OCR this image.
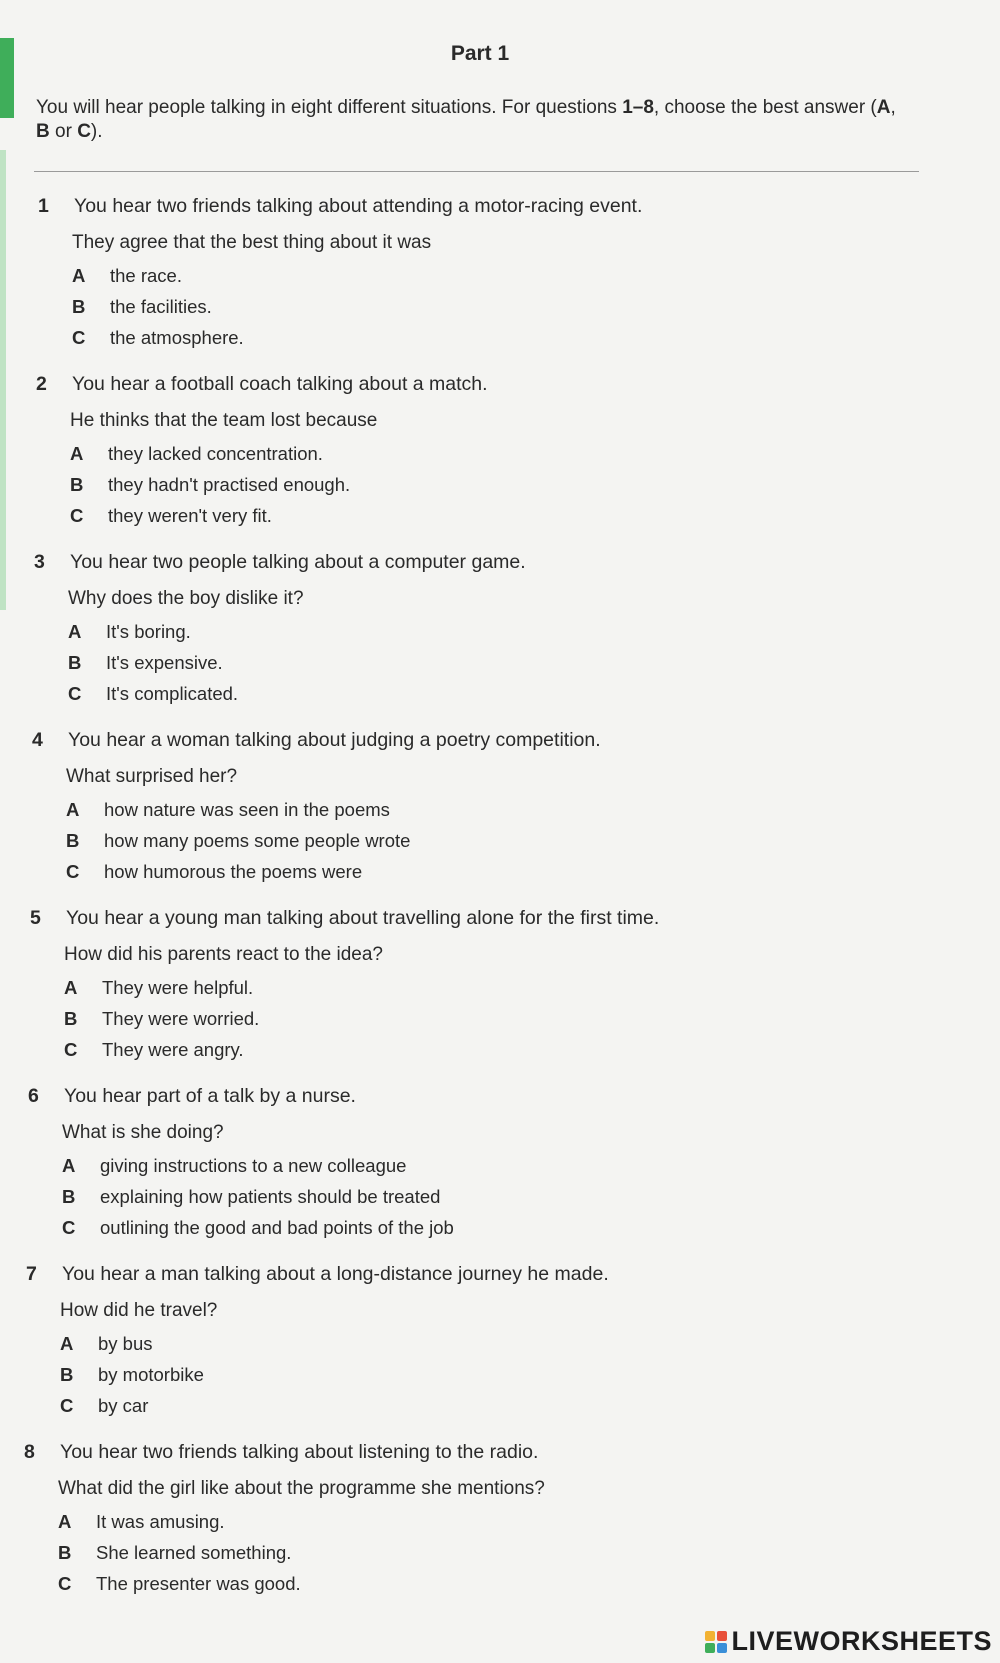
Part 1
You will hear people talking in eight different situations. For questions 1–8, choose the best answer (A, B or C).
1 You hear two friends talking about attending a motor-racing event.
They agree that the best thing about it was
A	the race.
B	the facilities.
C	the atmosphere.
2 You hear a football coach talking about a match.
He thinks that the team lost because
A	they lacked concentration.
B	they hadn't practised enough.
C	they weren't very fit.
3 You hear two people talking about a computer game.
Why does the boy dislike it?
A	It's boring.
B	It's expensive.
C	It's complicated.
4 You hear a woman talking about judging a poetry competition.
What surprised her?
A	how nature was seen in the poems
B	how many poems some people wrote
C	how humorous the poems were
5 You hear a young man talking about travelling alone for the first time.
How did his parents react to the idea?
A	They were helpful.
B	They were worried.
C	They were angry.
6 You hear part of a talk by a nurse.
What is she doing?
A	giving instructions to a new colleague
B	explaining how patients should be treated
C	outlining the good and bad points of the job
7 You hear a man talking about a long-distance journey he made.
How did he travel?
A	by bus
B	by motorbike
C	by car
8 You hear two friends talking about listening to the radio.
What did the girl like about the programme she mentions?
A	It was amusing.
B	She learned something.
C	The presenter was good.
LIVEWORKSHEETS
